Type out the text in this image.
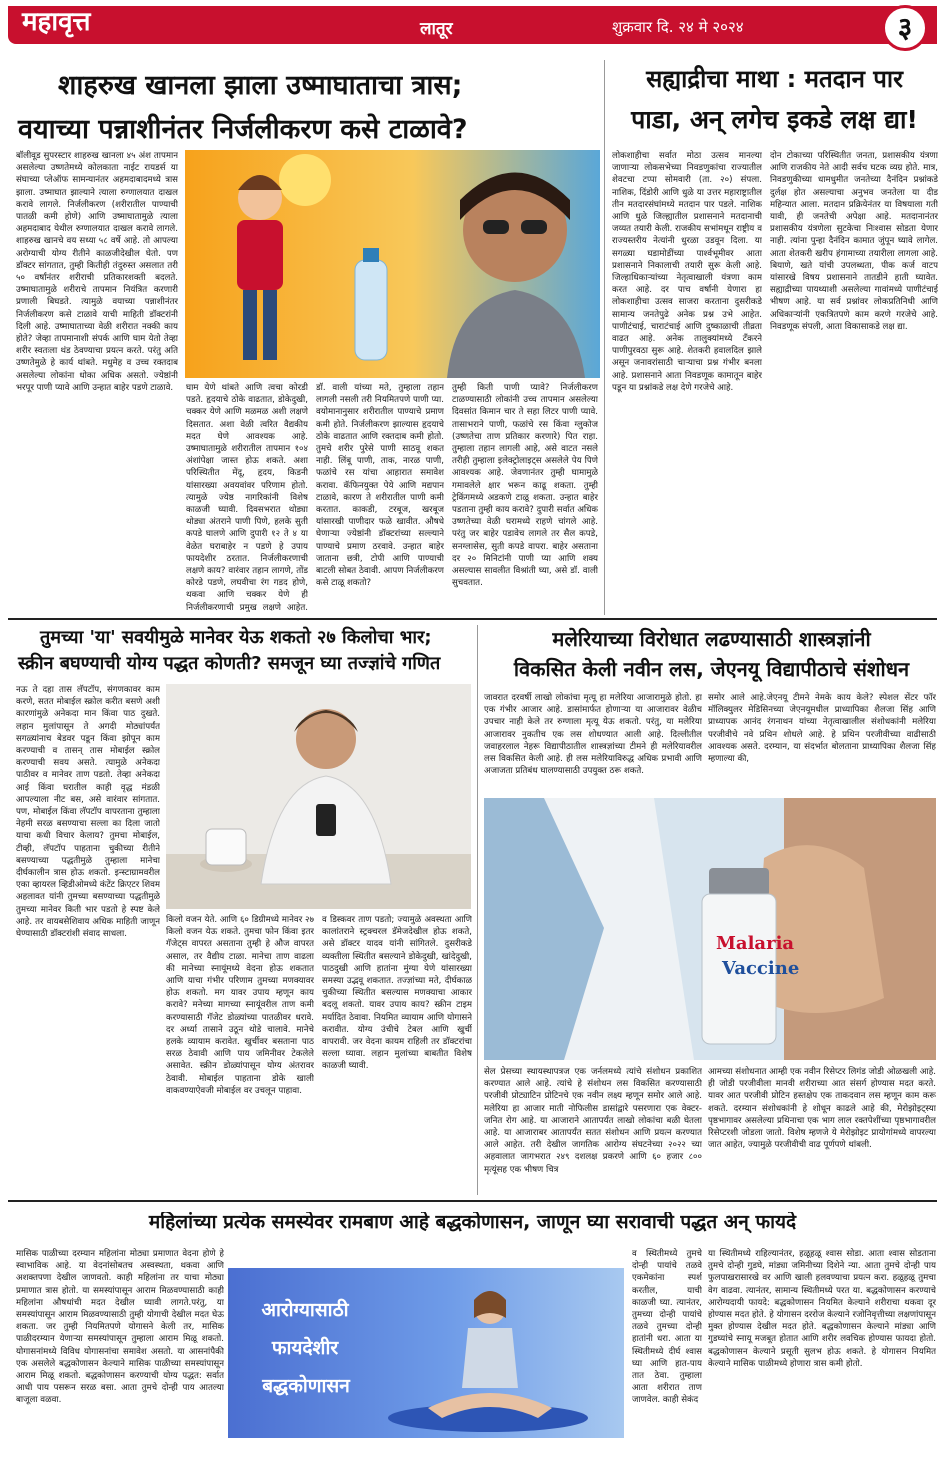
महावृत्त	लातूर	शुक्रवार दि. २४ मे २०२४	३
शाहरुख खानला झाला उष्माघाताचा त्रास;
वयाच्या पन्नाशीनंतर निर्जलीकरण कसे टाळावे?
बॉलीवूड सुपरस्टार शाहरुख खानला ४५ अंश तापमान असलेल्या उष्णतेमध्ये कोलकाता नाईट रायडर्स या संघाच्या प्लेऑफ सामन्यानंतर अहमदाबादमध्ये त्रास झाला. उष्माघात झाल्याने त्याला रुग्णालयात दाखल करावे लागले. निर्जलीकरण (शरीरातील पाण्याची पातळी कमी होणे) आणि उष्माघातामुळे त्याला अहमदाबाद येथील रुग्णालयात दाखल करावे लागले. शाहरुख खानचे वय सध्या ५८ वर्षे आहे. तो आपल्या अरोग्याची योग्य रीतीने काळजीदेखील घेतो. पण डॉक्टर सांगतात, तुम्ही कितीही तंदुरुस्त असलात तरी ५० वर्षांनंतर शरीराची प्रतिकारशक्ती बदलते. उष्माघातामुळे शरीराचे तापमान नियंत्रित करणारी प्रणाली बिघडते. त्यामुळे वयाच्या पन्नाशीनंतर निर्जलीकरण कसे टाळावे याची माहिती डॉक्टरांनी दिली आहे. उष्माघाताच्या वेळी शरीरात नक्की काय होते? जेव्हा तापमानाशी संपर्क आणि घाम येतो तेव्हा शरीर स्वतःला थंड ठेवण्याचा प्रयत्न करते. परंतु अति उष्णतेमुळे हे कार्य थांबते. मधुमेह व उच्च रक्तदाब असलेल्या लोकांना धोका अधिक असतो. ज्येष्ठांनी भरपूर पाणी प्यावे आणि उन्हात बाहेर पडणे टाळावे.	घाम येणे थांबते आणि त्वचा कोरडी पडते. हृदयाचे ठोके वाढतात, डोकेदुखी, चक्कर येणे आणि मळमळ अशी लक्षणे दिसतात. अशा वेळी त्वरित वैद्यकीय मदत घेणे आवश्यक आहे. उष्माघातामुळे शरीरातील तापमान १०४ अंशांपेक्षा जास्त होऊ शकते. अशा परिस्थितीत मेंदू, हृदय, किडनी यांसारख्या अवयवांवर परिणाम होतो. त्यामुळे ज्येष्ठ नागरिकांनी विशेष काळजी घ्यावी. दिवसभरात थोड्या थोड्या अंतराने पाणी पिणे, हलके सुती कपडे घालणे आणि दुपारी १२ ते ४ या वेळेत घराबाहेर न पडणे हे उपाय फायदेशीर ठरतात. निर्जलीकरणाची लक्षणे काय? वारंवार तहान लागणे, तोंड कोरडे पडणे, लघवीचा रंग गडद होणे, थकवा आणि चक्कर येणे ही निर्जलीकरणाची प्रमुख लक्षणे आहेत.
डॉ. वाली यांच्या मते, तुम्हाला तहान लागली नसली तरी नियमितपणे पाणी प्या. वयोमानानुसार शरीरातील पाण्याचे प्रमाण कमी होते. निर्जलीकरण झाल्यास हृदयाचे ठोके वाढतात आणि रक्तदाब कमी होतो. तुमचे शरीर पुरेसे पाणी साठवू शकत नाही. लिंबू पाणी, ताक, नारळ पाणी, फळांचे रस यांचा आहारात समावेश करावा. कॅफिनयुक्त पेये आणि मद्यपान टाळावे, कारण ते शरीरातील पाणी कमी करतात. काकडी, टरबूज, खरबूज यांसारखी पाणीदार फळे खावीत. औषधे घेणाऱ्या ज्येष्ठांनी डॉक्टरांच्या सल्ल्याने पाण्याचे प्रमाण ठरवावे. उन्हात बाहेर जाताना छत्री, टोपी आणि पाण्याची बाटली सोबत ठेवावी. आपण निर्जलीकरण कसे टाळू शकतो?
तुम्ही किती पाणी प्यावे? निर्जलीकरण टाळण्यासाठी लोकांनी उच्च तापमान असलेल्या दिवसांत किमान चार ते सहा लिटर पाणी प्यावे. तासाभराने पाणी, फळांचे रस किंवा ग्लुकोज (उष्णतेचा ताण प्रतिकार करणारे) पित राहा. तुम्हाला तहान लागली आहे, असे वाटत नसले तरीही तुम्हाला इलेक्ट्रोलाइट्स असलेले पेय पिणे आवश्यक आहे. जेवणानंतर तुम्ही घामामुळे गमावलेले क्षार भरून काढू शकता. तुम्ही ट्रेकिंगमध्ये अडकणे टाळू शकता. उन्हात बाहेर पडताना तुम्ही काय करावे? दुपारी सर्वात अधिक उष्णतेच्या वेळी घरामध्ये राहणे चांगले आहे. परंतु जर बाहेर पडावेच लागले तर सैल कपडे, सनग्लासेस, सुती कपडे वापरा. बाहेर असताना दर २० मिनिटांनी पाणी प्या आणि शक्य असल्यास सावलीत विश्रांती घ्या, असे डॉ. वाली सुचवतात.
सह्याद्रीचा माथा : मतदान पार
पाडा, अन् लगेच इकडे लक्ष द्या!
लोकशाहीचा सर्वात मोठा उत्सव मानल्या जाणाऱ्या लोकसभेच्या निवडणुकांचा राज्यातील शेवटचा टप्पा सोमवारी (ता. २०) संपला. नाशिक, दिंडोरी आणि धुळे या उत्तर महाराष्ट्रातील तीन मतदारसंघांमध्ये मतदान पार पडले. नाशिक आणि धुळे जिल्ह्यातील प्रशासनाने मतदानाची जय्यत तयारी केली. राजकीय सभांमधून राष्ट्रीय व राज्यस्तरीय नेत्यांनी धुरळा उडवून दिला. या सगळ्या घडामोडींच्या पार्श्वभूमीवर आता प्रशासनाने निकालाची तयारी सुरू केली आहे. जिल्हाधिकाऱ्यांच्या नेतृत्वाखाली यंत्रणा काम करत आहे. दर पाच वर्षांनी येणारा हा लोकशाहीचा उत्सव साजरा करताना दुसरीकडे सामान्य जनतेपुढे अनेक प्रश्न उभे आहेत. पाणीटंचाई, चाराटंचाई आणि दुष्काळाची तीव्रता वाढत आहे. अनेक तालुक्यांमध्ये टँकरने पाणीपुरवठा सुरू आहे. शेतकरी हवालदिल झाले असून जनावरांसाठी चाऱ्याचा प्रश्न गंभीर बनला आहे. प्रशासनाने आता निवडणूक कामातून बाहेर पडून या प्रश्नांकडे लक्ष देणे गरजेचे आहे.
दोन टोकाच्या परिस्थितीत जनता, प्रशासकीय यंत्रणा आणि राजकीय नेते आदी सर्वच घटक व्यग्र होते. मात्र, निवडणुकीच्या धामधुमीत जनतेच्या दैनंदिन प्रश्नांकडे दुर्लक्ष होत असल्याचा अनुभव जनतेला या दीड महिन्यात आला. मतदान प्रक्रियेनंतर या विषयाला गती यावी, ही जनतेची अपेक्षा आहे. मतदानानंतर प्रशासकीय यंत्रणेला सुटकेचा निःश्वास सोडता येणार नाही. त्यांना पुन्हा दैनंदिन कामात जुंपून घ्यावे लागेल. आता शेतकरी खरीप हंगामाच्या तयारीला लागला आहे. बियाणे, खते यांची उपलब्धता, पीक कर्ज वाटप यांसारखे विषय प्रशासनाने तातडीने हाती घ्यावेत. सह्याद्रीच्या पायथ्याशी असलेल्या गावांमध्ये पाणीटंचाई भीषण आहे. या सर्व प्रश्नांवर लोकप्रतिनिधी आणि अधिकाऱ्यांनी एकत्रितपणे काम करणे गरजेचे आहे. निवडणूक संपली, आता विकासाकडे लक्ष द्या.
तुमच्या 'या' सवयीमुळे मानेवर येऊ शकतो २७ किलोचा भार;
स्क्रीन बघण्याची योग्य पद्धत कोणती? समजून घ्या तज्ज्ञांचे गणित
नऊ ते दहा तास लॅपटॉप, संगणकावर काम करणे, सतत मोबाईल स्क्रोल करीत बसणे अशी कारणांमुळे अनेकदा मान किंवा पाठ दुखते. लहान मुलांपासून ते अगदी मोठ्यांपर्यंत सगळ्यांनाच बेडवर पडून किंवा झोपून काम करण्याची व तासन् तास मोबाईल स्क्रोल करण्याची सवय असते. त्यामुळे अनेकदा पाठीवर व मानेवर ताण पडतो. तेव्हा अनेकदा आई किंवा घरातील काही वृद्ध मंडळी आपल्याला नीट बस, असे वारंवार सांगतात. पण, मोबाईल किंवा लॅपटॉप वापरताना तुम्हाला नेहमी सरळ बसण्याचा सल्ला का दिला जातो याचा कधी विचार केलाय? तुमचा मोबाईल, टीव्ही, लॅपटॉप पाहताना चुकीच्या रीतीने बसण्याच्या पद्धतीमुळे तुम्हाला मानेचा दीर्घकालीन त्रास होऊ शकतो. इन्स्टाग्रामवरील एका व्हायरल व्हिडीओमध्ये कंटेंट क्रिएटर शिवम अहलावत यांनी तुमच्या बसण्याच्या पद्धतीमुळे तुमच्या मानेवर किती भार पडतो हे स्पष्ट केले आहे. तर वायबसेशिवाय अधिक माहिती जाणून घेण्यासाठी डॉक्टरांशी संवाद साधला.
किलो वजन येते. आणि ६० डिग्रीमध्ये मानेवर २७ किलो वजन येऊ शकते. तुमचा फोन किंवा इतर गॅजेट्स वापरत असताना तुम्ही हे औज वापरत असाल, तर वैद्यीय टाळा. मानेचा ताण वाढला की मानेच्या स्नायूंमध्ये वेदना होऊ शकतात आणि याचा गंभीर परिणाम तुमच्या मणक्यावर होऊ शकतो. मग यावर उपाय म्हणून काय करावे? मनेच्या मागच्या स्नायूंवरील ताण कमी करण्यासाठी गॅजेट डोळ्यांच्या पातळीवर धरावे. दर अर्ध्या तासाने उठून थोडे चालावे. मानेचे हलके व्यायाम करावेत. खुर्चीवर बसताना पाठ सरळ ठेवावी आणि पाय जमिनीवर टेकलेले असावेत. स्क्रीन डोळ्यांपासून योग्य अंतरावर ठेवावी. मोबाईल पाहताना डोके खाली वाकवण्याऐवजी मोबाईल वर उचलून पाहावा.
व डिस्कवर ताण पडतो; ज्यामुळे अवस्थता आणि कालांतराने स्ट्रक्चरल डॅमेजदेखील होऊ शकते, असे डॉक्टर यादव यांनी सांगितले. दुसरीकडे व्यक्तीला स्थितीत बसल्याने डोकेदुखी, खांदेदुखी, पाठदुखी आणि हातांना मुंग्या येणे यांसारख्या समस्या उद्भवू शकतात. तज्ज्ञांच्या मते, दीर्घकाळ चुकीच्या स्थितीत बसल्यास मणक्याचा आकार बदलू शकतो. यावर उपाय काय? स्क्रीन टाइम मर्यादित ठेवावा. नियमित व्यायाम आणि योगासने करावीत. योग्य उंचीचे टेबल आणि खुर्ची वापरावी. जर वेदना कायम राहिली तर डॉक्टरांचा सल्ला घ्यावा. लहान मुलांच्या बाबतीत विशेष काळजी घ्यावी.
मलेरियाच्या विरोधात लढण्यासाठी शास्त्रज्ञांनी
विकसित केली नवीन लस, जेएनयू विद्यापीठाचे संशोधन
जावरात दरवर्षी लाखो लोकांचा मृत्यू हा मलेरिया आजारामुळे होतो. हा एक गंभीर आजार आहे. डासांमार्फत होणाऱ्या या आजारावर वेळीच उपचार नाही केले तर रुग्णाला मृत्यू येऊ शकतो. परंतु, या मलेरिया आजारावर नुकतीच एक लस शोधण्यात आली आहे. दिल्लीतील जवाहरलाल नेहरू विद्यापीठातील शास्त्रज्ञांच्या टीमने ही मलेरियावरील लस विकसित केली आहे. ही लस मलेरियाविरुद्ध अधिक प्रभावी आणि अजाजता प्रतिबंध घालण्यासाठी उपयुक्त ठरू शकते.
समोर आले आहे.जेएनयू टीमने नेमके काय केले? स्पेशल सेंटर फॉर मॉलिक्युलर मेडिसिनच्या जेएनयूमधील प्राध्यापिका शैलजा सिंह आणि प्राध्यापक आनंद रंगनाथन यांच्या नेतृत्वाखालील संशोधकांनी मलेरिया परजीवीचे नवे प्रथिन शोधले आहे. हे प्रथिन परजीवीच्या वाढीसाठी आवश्यक असते. दरम्यान, या संदर्भात बोलताना प्राध्यापिका शैलजा सिंह म्हणाल्या की,
Malaria
Vaccine
सेल प्रेसच्या स्थायस्थापत्रज एक जर्नलमध्ये त्यांचे संशोधन प्रकाशित करण्यात आले आहे. त्यांचे हे संशोधन लस विकसित करण्यासाठी परजीवी प्रोट्याटिन प्रोटिनचे एक नवीन लक्ष्य म्हणून समोर आले आहे. मलेरिया हा आजार माती नोफिलीस डासांद्वारे पसरणारा एक वेक्टर-जनित रोग आहे. या आजाराने आतापर्यंत लाखो लोकांचा बळी घेतला आहे. या आजाराबर आतापर्यंत सतत संशोधन आणि प्रयत्न करण्यात आले आहेत. तरी देखील जागतिक आरोग्य संघटनेच्या २०२२ च्या अहवालात जागभरात २४९ दशलक्ष प्रकरणे आणि ६० हजार ८०० मृत्यूंसह एक भीषण चित्र
आमच्या संशोधनात आम्ही एक नवीन रिसेप्टर लिगंड जोडी ओळखली आहे. ही जोडी परजीवीला मानवी शरीराच्या आत संसर्ग होण्यास मदत करते. यावर आत परजीवी प्रोटिन हस्तक्षेप एक ताकदवान लस म्हणून काम करू शकते. दरम्यान संशोधकांनी हे शोधून काढले आहे की, मेरोझोइट्स्या पृष्ठभागावर असलेल्या प्रथिनाचा एक भाग लाल रक्तपेशींच्या पृष्ठभागावरील रिसेप्टरशी जोडला जातो. विशेष म्हणजे ये मेरोझोइट प्रायोगांमध्ये वापरल्या जात आहेत, ज्यामुळे परजीवीची वाढ पूर्णपणे थांबली.
महिलांच्या प्रत्येक समस्येवर रामबाण आहे बद्धकोणासन, जाणून घ्या सरावाची पद्धत अन् फायदे
मासिक पाळीच्या दरम्यान महिलांना मोठ्या प्रमाणात वेदना होणे हे स्वाभाविक आहे. या वेदनांसोबतच अस्वस्थता, थकवा आणि अशक्तपणा देखील जाणवतो. काही महिलांना तर याचा मोठ्या प्रमाणात त्रास होतो. या समस्यांपासून आराम मिळवण्यासाठी काही महिलांना औषधांची मदत देखील घ्यावी लागते.परंतु, या समस्यांपासून आराम मिळवण्यासाठी तुम्ही योगाची देखील मदत घेऊ शकता. जर तुम्ही नियमितपणे योगासने केली तर, मासिक पाळीदरम्यान येणाऱ्या समस्यांपासून तुम्हाला आराम मिळू शकतो. योगासनांमध्ये विविध योगासनांचा समावेश असतो. या आसनांपैकी एक असलेले बद्धकोणासन केल्याने मासिक पाळीच्या समस्यांपासून आराम मिळू शकतो. बद्धकोणासन करण्याची योग्य पद्धत: सर्वात आधी पाय पसरून सरळ बसा. आता तुमचे दोन्ही पाय आतल्या बाजूला वळवा.
आरोग्यासाठी
फायदेशीर
बद्धकोणासन
व स्थितीमध्ये तुमचे दोन्ही पायांचे तळवे एकमेकांना स्पर्श करतील, याची काळजी घ्या. त्यानंतर, तुमच्या दोन्ही पायांचे तळवे तुमच्या दोन्ही हातांनी धरा. आता या स्थितीमध्ये दीर्घ श्वास घ्या आणि हात-पाय तात ठेवा. तुम्हाला आता शरीरात ताण जाणवेल. काही सेकंद
या स्थितीमध्ये राहिल्यानंतर, हळूहळू श्वास सोडा. आता श्वास सोडताना तुमचे दोन्ही गुडघे, मांड्या जमिनीच्या दिशेने न्या. आता तुमचे दोन्ही पाय फुलपाखरासारखे वर आणि खाली हलवण्याचा प्रयत्न करा. हळूहळू तुमचा वेग वाढवा. त्यानंतर, सामान्य स्थितीमध्ये परत या. बद्धकोणासन करण्याचे आरोग्यदायी फायदे: बद्धकोणासन नियमित केल्याने शरीराचा थकवा दूर होण्यास मदत होते. हे योगासन दररोज केल्याने रजोनिवृत्तीच्या लक्षणांपासून मुक्त होण्यास देखील मदत होते. बद्धकोणासन केल्याने मांड्या आणि गुडघ्यांचे स्नायू मजबूत होतात आणि शरीर लवचिक होण्यास फायदा होतो. बद्धकोणासन केल्याने प्रसूती सुलभ होऊ शकते. हे योगासन नियमित केल्याने मासिक पाळीमध्ये होणारा त्रास कमी होतो.
